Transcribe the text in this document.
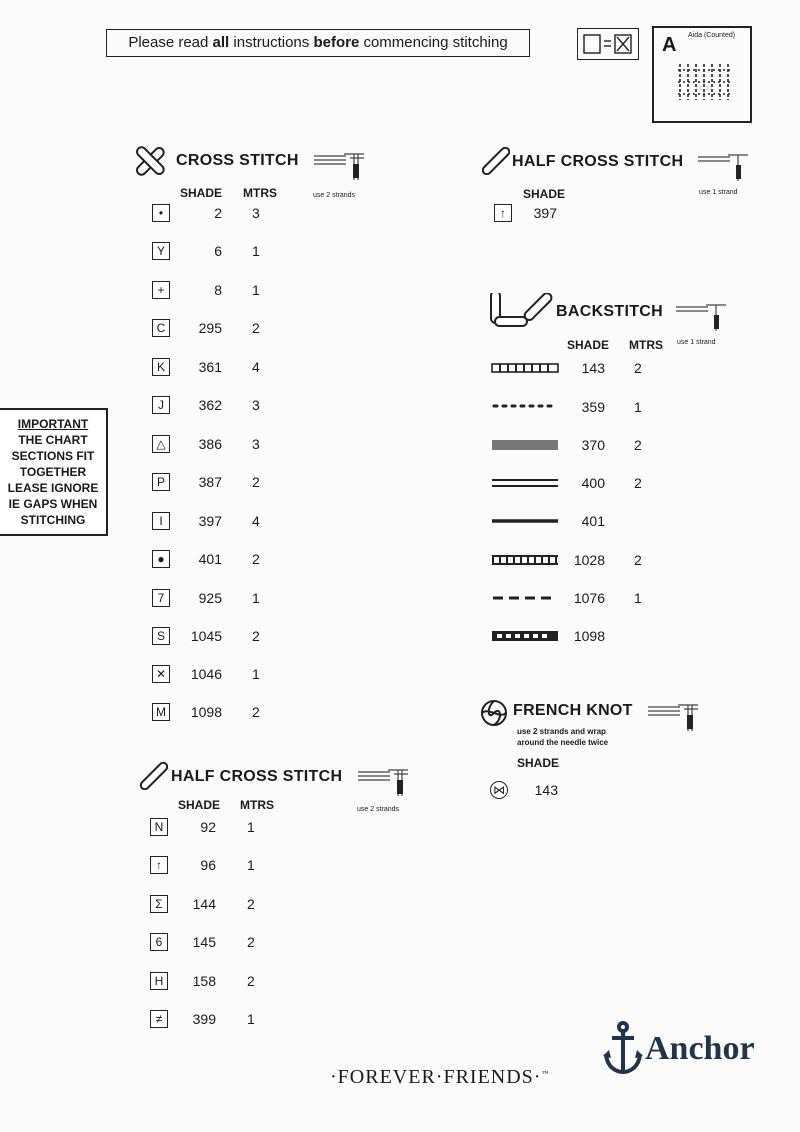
Please read all instructions before commencing stitching	A Aida (Counted)
CROSS STITCH
use 2 strands
SHADE MTRS
•	2 3
Y	6 1
+	8 1
C	295 2
K	361 4
J	362 3
△	386 3
P	387 2
I	397 4
●	401 2
7	925 1
S	1045 2
✕	1046 1
M	1098 2
HALF CROSS STITCH
use 2 strands
SHADE MTRS
N	92 1
↑	96 1
Σ	144 2
6	145 2
H	158 2
≠	399 1
HALF CROSS STITCH
use 1 strand
SHADE
↑	397
BACKSTITCH
use 1 strand
SHADE MTRS
143 2
359 1
370 2
400 2
401
1028 2
1076 1
1098
FRENCH KNOT
use 2 strands and wrap
around the needle twice
SHADE
⋈	143
IMPORTANT
THE CHART
SECTIONS FIT
TOGETHER
LEASE IGNORE
IE GAPS WHEN
STITCHING
·FOREVER·FRIENDS·™
Anchor
